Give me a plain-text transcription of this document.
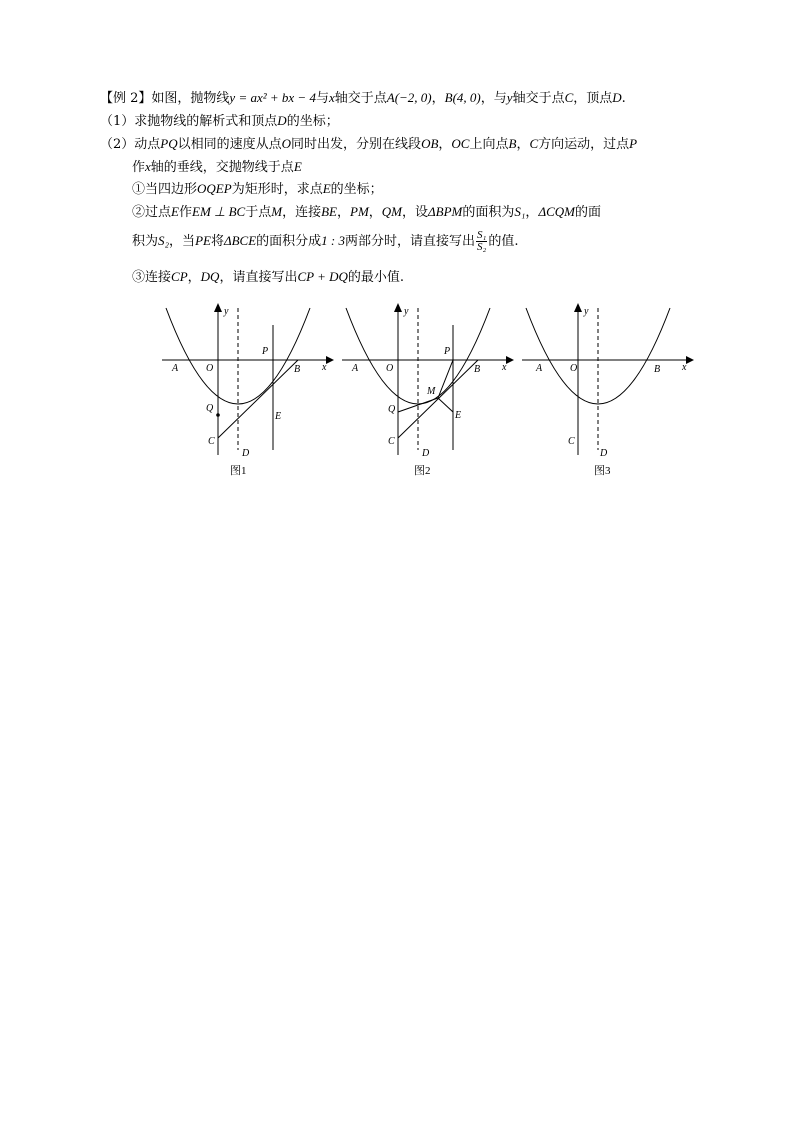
【例 2】如图，抛物线y = ax² + bx − 4与x轴交于点A(−2, 0)，B(4, 0)，与y轴交于点C，顶点D.
（1）求抛物线的解析式和顶点D的坐标；
（2）动点PQ以相同的速度从点O同时出发，分别在线段OB，OC上向点B，C方向运动，过点P
作x轴的垂线，交抛物线于点E
①当四边形OQEP为矩形时，求点E的坐标；
②过点E作EM ⊥ BC于点M，连接BE，PM，QM，设ΔBPM的面积为S₁，ΔCQM的面
积为S₂，当PE将ΔBCE的面积分成1 : 3两部分时，请直接写出 $\frac{\text{S₁}}{\text{S₂}}$ 的值.
③连接CP，DQ，请直接写出CP + DQ的最小值.
A	O	B x
y
P
Q
C
D
E
图1
A	O	B x
y
P
M
Q
C
D
E
图2
A	O	B x
y
C
D
图3
